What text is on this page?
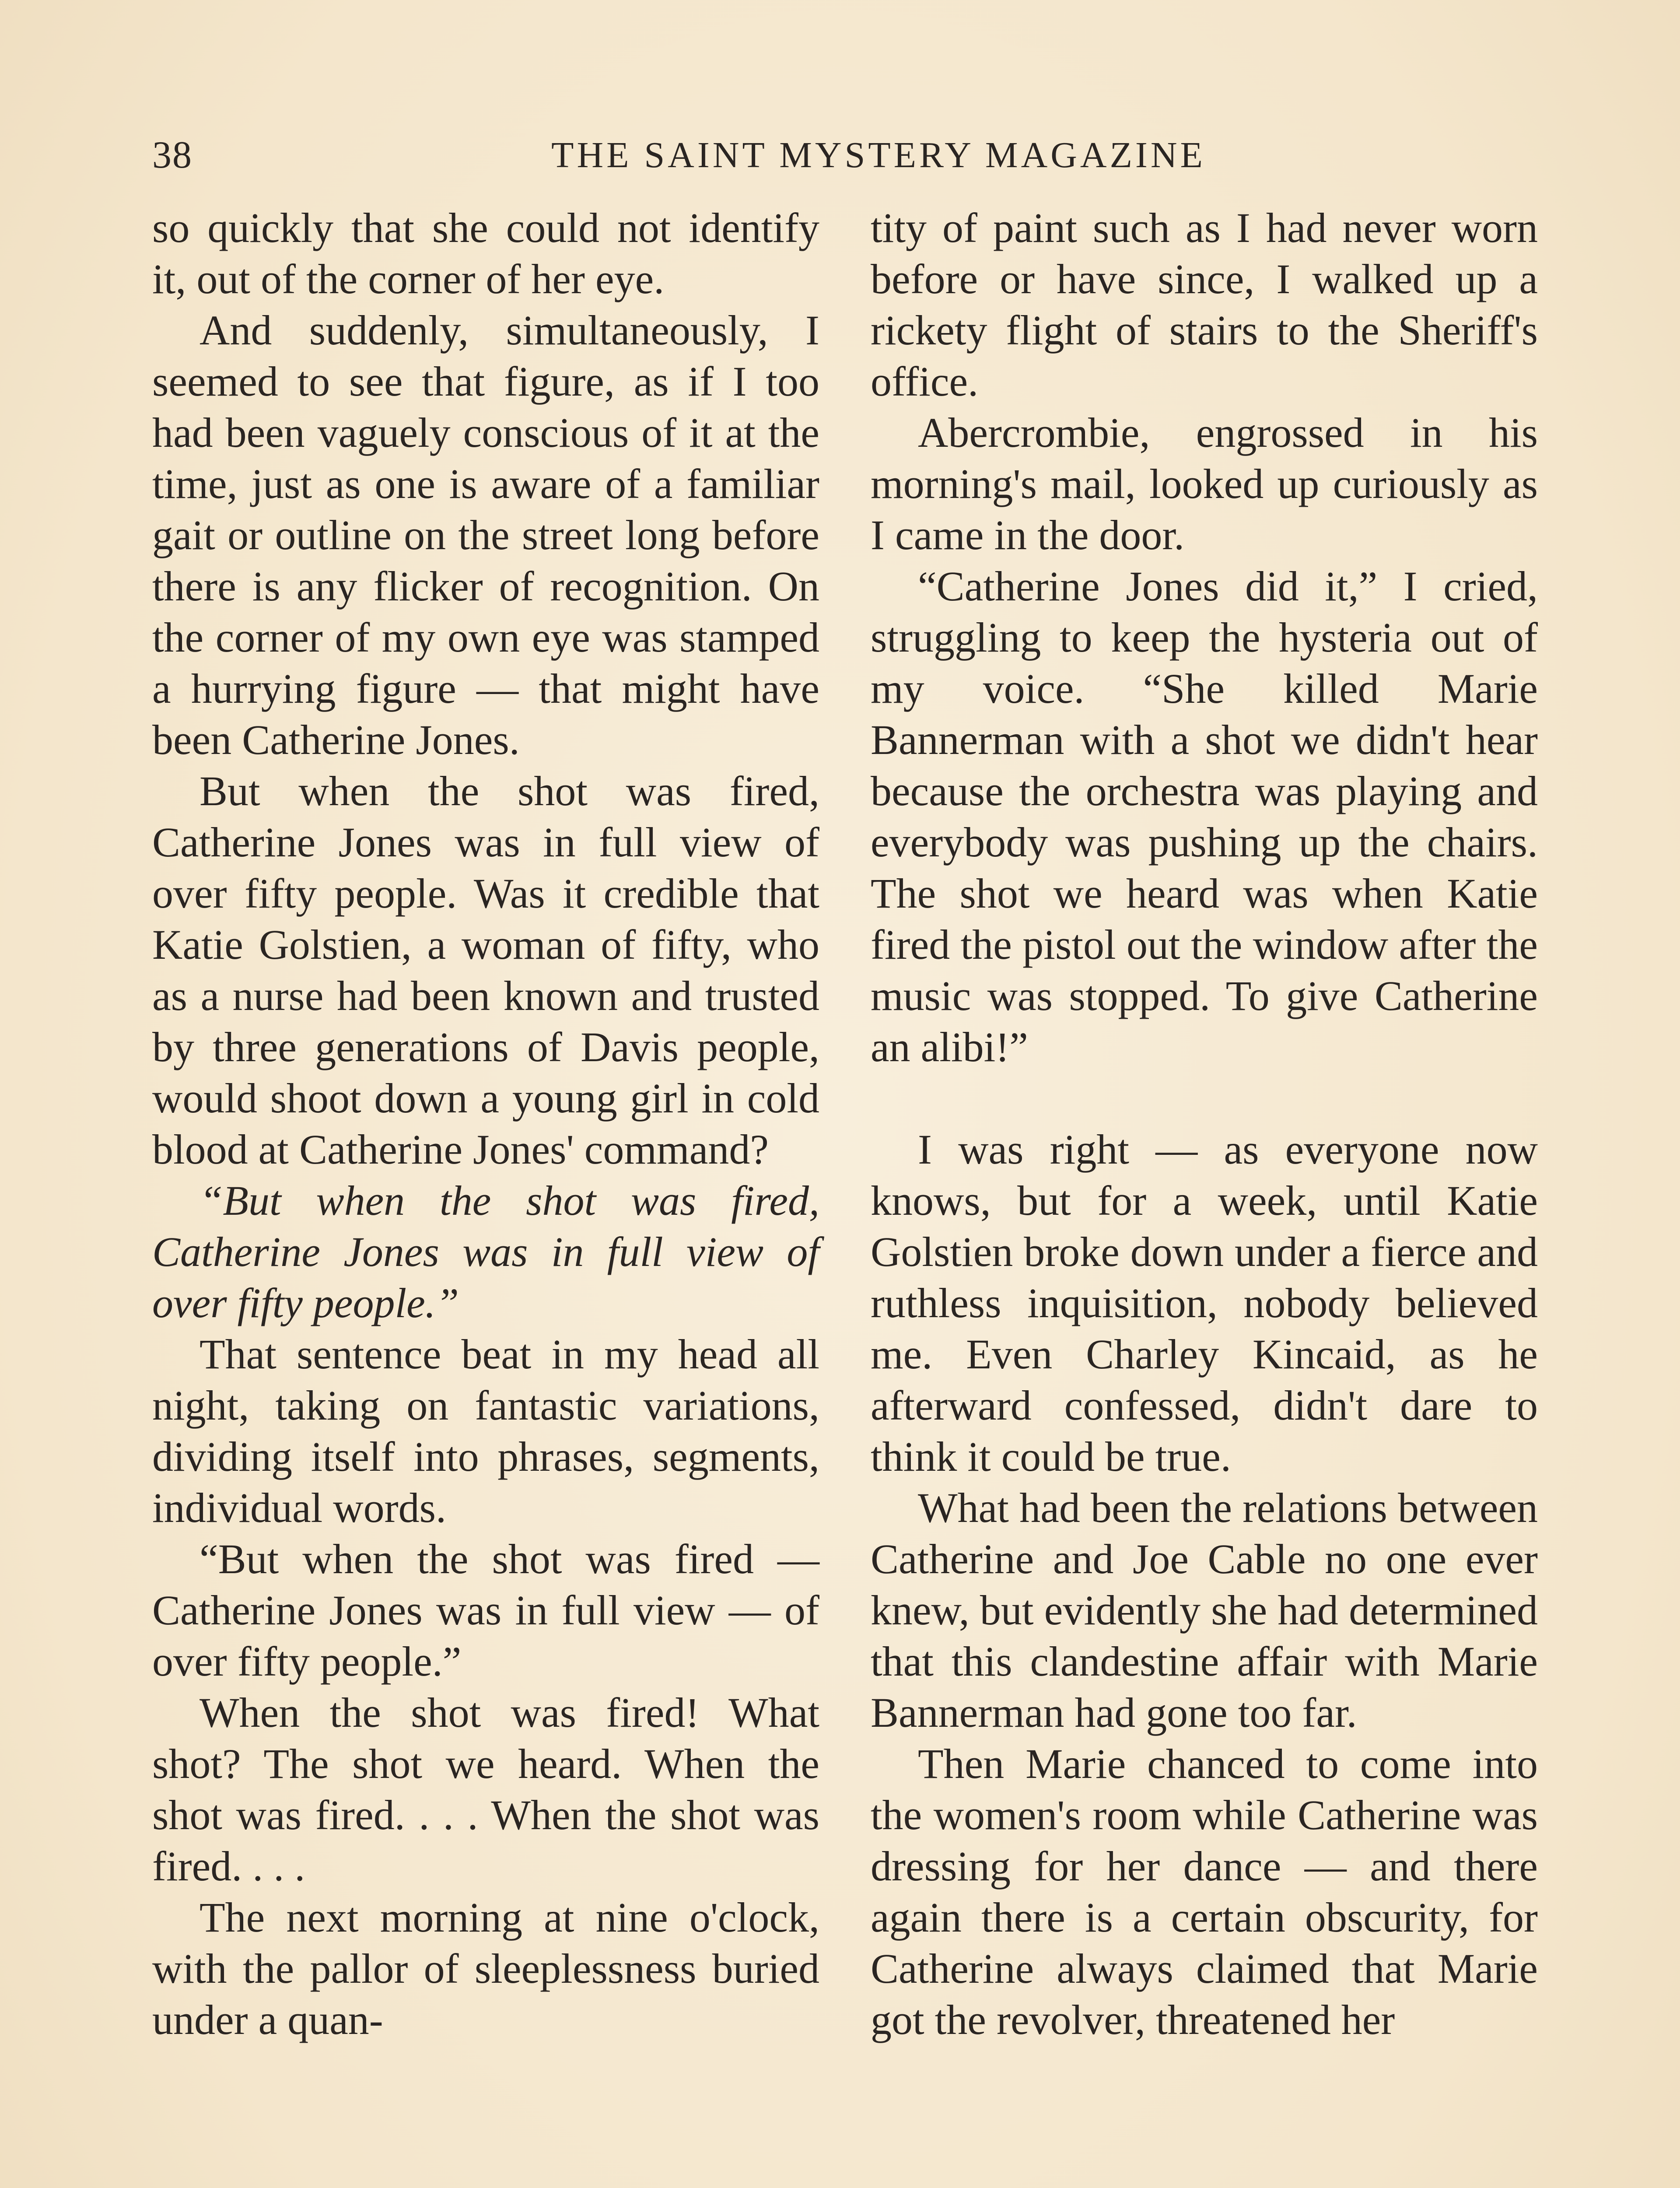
38	THE SAINT MYSTERY MAGAZINE

so quickly that she could not identify it, out of the corner of her eye.

And suddenly, simultaneously, I seemed to see that figure, as if I too had been vaguely conscious of it at the time, just as one is aware of a familiar gait or outline on the street long before there is any flicker of recognition. On the corner of my own eye was stamped a hurrying figure — that might have been Catherine Jones.

But when the shot was fired, Catherine Jones was in full view of over fifty people. Was it credible that Katie Golstien, a woman of fifty, who as a nurse had been known and trusted by three generations of Davis people, would shoot down a young girl in cold blood at Catherine Jones' command?

“But when the shot was fired, Catherine Jones was in full view of over fifty people.”

That sentence beat in my head all night, taking on fantastic variations, dividing itself into phrases, segments, individual words.

“But when the shot was fired — Catherine Jones was in full view — of over fifty people.”

When the shot was fired! What shot? The shot we heard. When the shot was fired. . . . When the shot was fired. . . .

The next morning at nine o'clock, with the pallor of sleeplessness buried under a quan-

tity of paint such as I had never worn before or have since, I walked up a rickety flight of stairs to the Sheriff's office.

Abercrombie, engrossed in his morning's mail, looked up curiously as I came in the door.

“Catherine Jones did it,” I cried, struggling to keep the hysteria out of my voice. “She killed Marie Bannerman with a shot we didn't hear because the orchestra was playing and everybody was pushing up the chairs. The shot we heard was when Katie fired the pistol out the window after the music was stopped. To give Catherine an alibi!”

I was right — as everyone now knows, but for a week, until Katie Golstien broke down under a fierce and ruthless inquisition, nobody believed me. Even Charley Kincaid, as he afterward confessed, didn't dare to think it could be true.

What had been the relations between Catherine and Joe Cable no one ever knew, but evidently she had determined that this clandestine affair with Marie Bannerman had gone too far.

Then Marie chanced to come into the women's room while Catherine was dressing for her dance — and there again there is a certain obscurity, for Catherine always claimed that Marie got the revolver, threatened her
